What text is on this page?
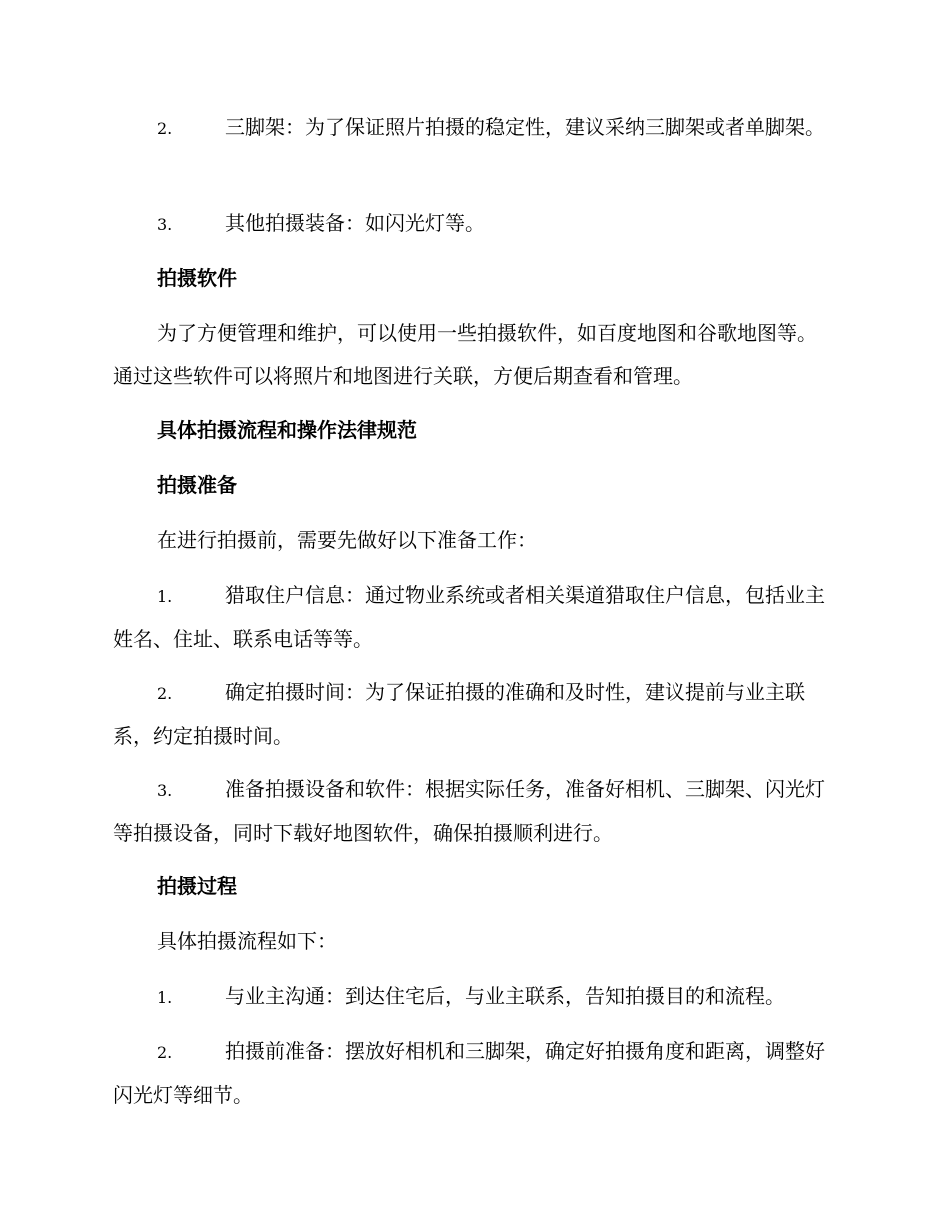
2.	三脚架：为了保证照片拍摄的稳定性，建议采纳三脚架或者单脚架。

3.	其他拍摄装备：如闪光灯等。

拍摄软件

为了方便管理和维护，可以使用一些拍摄软件，如百度地图和谷歌地图等。通过这些软件可以将照片和地图进行关联，方便后期查看和管理。

具体拍摄流程和操作法律规范
拍摄准备

在进行拍摄前，需要先做好以下准备工作：

1.	猎取住户信息：通过物业系统或者相关渠道猎取住户信息，包括业主姓名、住址、联系电话等等。

2.	确定拍摄时间：为了保证拍摄的准确和及时性，建议提前与业主联系，约定拍摄时间。

3.	准备拍摄设备和软件：根据实际任务，准备好相机、三脚架、闪光灯等拍摄设备，同时下载好地图软件，确保拍摄顺利进行。

拍摄过程

具体拍摄流程如下：

1.	与业主沟通：到达住宅后，与业主联系，告知拍摄目的和流程。

2.	拍摄前准备：摆放好相机和三脚架，确定好拍摄角度和距离，调整好闪光灯等细节。
